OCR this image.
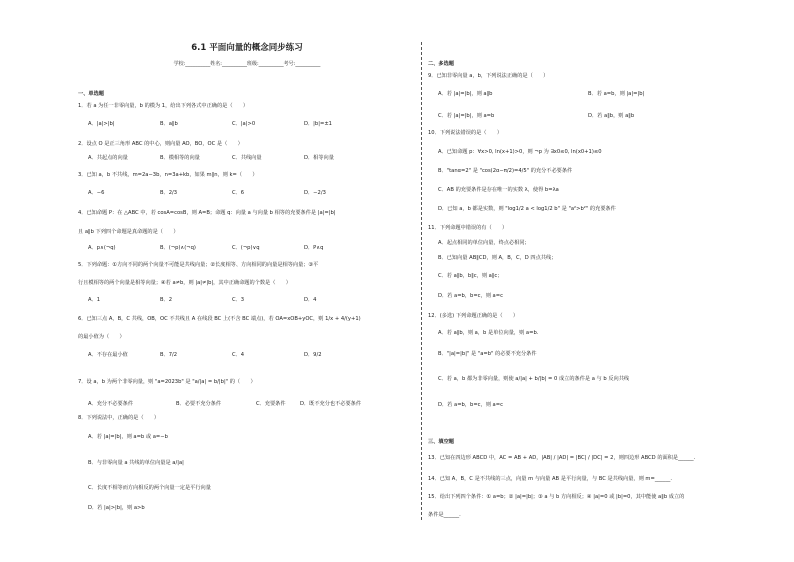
6.1 平面向量的概念同步练习
学校:__________姓名:__________班级:__________考号:__________
一、单选题
1．若 a 为任一非零向量，b 的模为 1，给出下列各式中正确的是（　　）
A．|a|>|b|	B．a∥b	C．|a|>0	D．|b|=±1
2．设点 O 是正三角形 ABC 的中心，则向量 AO，BO，OC 是（　　）
A．共起点的向量	B．模相等的向量	C．共线向量	D．相等向量
3．已知 a，b 不共线，m=2a−3b，n=3a+kb，如果 m∥n，则 k=（　　）
A．−6	B．2/3	C．6	D．−2/3
4．已知命题 P：在 △ABC 中，若 cosA=cosB，则 A=B；命题 q：向量 a 与向量 b 相等的充要条件是 |a|=|b|
且 a∥b 下列四个命题是真命题的是（　　）
A．p∧(¬q)	B．(¬p)∧(¬q)	C．(¬p)∨q	D．P∧q
5．下列命题：①方向不同的两个向量不可能是共线向量；②长度相等、方向相同的向量是相等向量；③平
行且模相等的两个向量是相等向量；④若 a≠b，则 |a|≠|b|，其中正确命题的个数是（　　）
A．1	B．2	C．3	D．4
6．已知三点 A，B，C 共线，OB，OC 不共线且 A 在线段 BC 上(不含 BC 端点)，若 OA=xOB+yOC，则 1/x + 4/(y+1)
的最小值为（　　）
A．不存在最小值	B．7/2	C．4	D．9/2
7．设 a，b 为两个非零向量，则 "a=2023b" 是 "a/|a| = b/|b|" 的（　　）
A．充分不必要条件	B．必要不充分条件	C．充要条件	D．既不充分也不必要条件
8．下列说法中，正确的是（　　）
A．若 |a|=|b|，则 a=b 或 a=−b
B．与非零向量 a 共线的单位向量是 a/|a|
C．长度不相等而方向相反的两个向量一定是平行向量
D．若 |a|>|b|，则 a>b
二、多选题
9．已知非零向量 a，b，下列说法正确的是（　　）
A．若 |a|=|b|，则 a∥b	B．若 a=b，则 |a|=|b|
C．若 |a|=|b|，则 a=b	D．若 a∥b，则 a∥b
10．下列说法错误的是（　　）
A．已知命题 p：∀x>0, ln(x+1)>0，则 ¬p 为 ∃x0≤0, ln(x0+1)≤0
B．"tanα=2" 是 "cos(2α−π/2)=4/5" 的充分不必要条件
C．AB 的充要条件是存在唯一的实数 λ，使得 b=λa
D．已知 a，b 都是实数，则 "log1/2 a < log1/2 b" 是 "a²>b²" 的充要条件
11．下列命题中错误的有（　　）
A．起点相同的单位向量，终点必相同；
B．已知向量 AB∥CD，则 A，B，C，D 四点共线；
C．若 a∥b，b∥c，则 a∥c；
D．若 a=b，b=c，则 a=c
12．(多选) 下列命题正确的是（　　）
A．若 a∥b，则 a，b 是单位向量，则 a=b.
B．"|a|=|b|" 是 "a=b" 的必要不充分条件
C．若 a，b 都为非零向量，则使 a/|a| + b/|b| = 0 成立的条件是 a 与 b 反向共线
D．若 a=b，b=c，则 a=c
三、填空题
13．已知在四边形 ABCD 中，AC = AB + AD，|AB| / |AD| = |BC| / |DC| = 2，则四边形 ABCD 的面积是______.
14．已知 A，B，C 是不共线的三点，向量 m 与向量 AB 是平行向量，与 BC 是共线向量，则 m=______.
15．给出下列四个条件：① a=b；② |a|=|b|；③ a 与 b 方向相反；④ |a|=0 或 |b|=0，其中能使 a∥b 成立的
条件是______.
